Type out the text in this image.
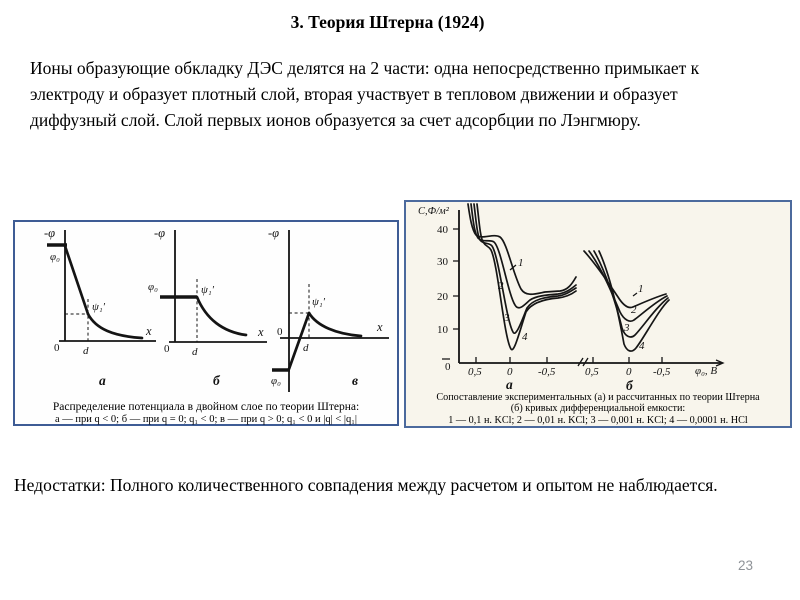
3. Теория Штерна (1924)
Ионы образующие обкладку ДЭС делятся на 2 части: одна непосредственно примыкает к электроду и образует плотный слой, вторая участвует в тепловом движении и образует диффузный слой. Слой первых ионов образуется за счет адсорбции по Лэнгмюру.
-φ
φ₀
ψ₁′
0 d
x
а
-φ
φ₀	ψ₁′
0 d
x
б
-φ
φ₀
ψ₁′
0
d
x
в
Распределение потенциала в двойном слое по теории Штерна:
а — при q < 0; б — при q = 0; q₁ < 0; в — при q > 0; q₁ < 0 и |q| < |q₁|
40
30
20
10
0
С,Ф/м²
0,5 0 -0,5	0,5 0 -0,5 φ₀, В
а	б
1
2
3
4
1
2
3
4
Сопоставление экспериментальных (а) и рассчитанных по теории Штерна
(б) кривых дифференциальной емкости:
1 — 0,1 н. KCl; 2 — 0,01 н. KCl; 3 — 0,001 н. KCl; 4 — 0,0001 н. HCl
Недостатки: Полного количественного совпадения между расчетом и опытом не наблюдается.
23
